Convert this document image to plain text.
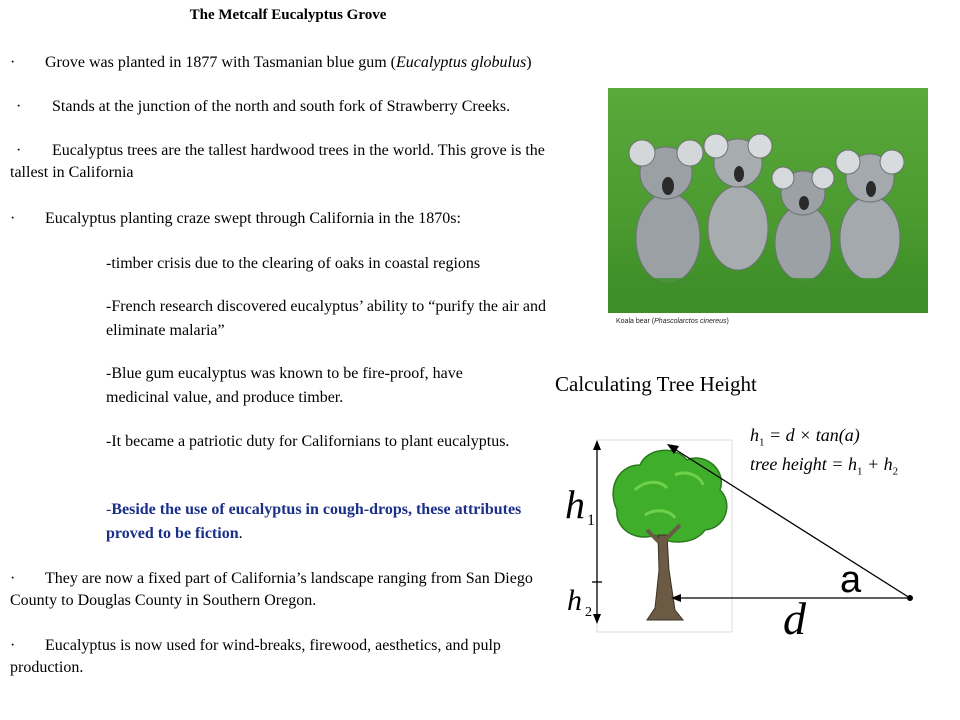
The Metcalf Eucalyptus Grove
· Grove was planted in 1877 with Tasmanian blue gum (Eucalyptus globulus)
· Stands at the junction of the north and south fork of Strawberry Creeks.
· Eucalyptus trees are the tallest hardwood trees in the world. This grove is the tallest in California
· Eucalyptus planting craze swept through California in the 1870s:
-timber crisis due to the clearing of oaks in coastal regions
-French research discovered eucalyptus’ ability to “purify the air and eliminate malaria”
-Blue gum eucalyptus was known to be fire-proof, have medicinal value, and produce timber.
-It became a patriotic duty for Californians to plant eucalyptus.
-Beside the use of eucalyptus in cough-drops, these attributes proved to be fiction.
· They are now a fixed part of California’s landscape ranging from San Diego County to Douglas County in Southern Oregon.
· Eucalyptus is now used for wind-breaks, firewood, aesthetics, and pulp production.
Koala bear (Phascolarctos cinereus)
Calculating Tree Height
$h_1 = d \times \tan(a)$
tree height = $h_1 + h_2$
h 1
h 2
a
d
